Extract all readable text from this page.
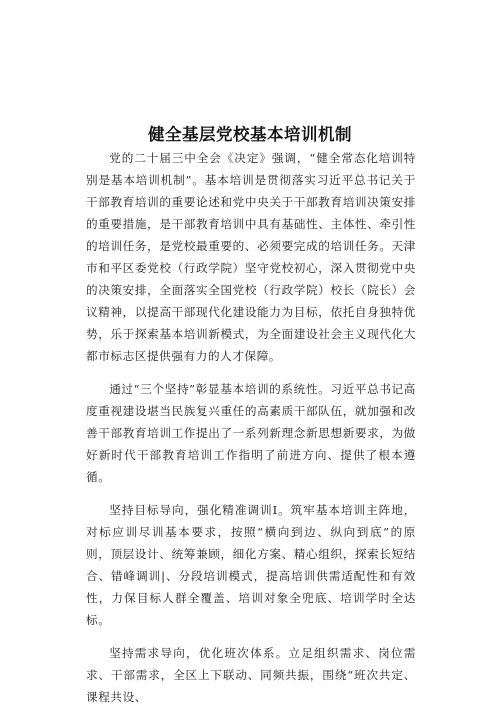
健全基层党校基本培训机制

党的二十届三中全会《决定》强调，“健全常态化培训特别是基本培训机制”。基本培训是贯彻落实习近平总书记关于干部教育培训的重要论述和党中央关于干部教育培训决策安排的重要措施，是干部教育培训中具有基础性、主体性、牵引性的培训任务，是党校最重要的、必须要完成的培训任务。天津市和平区委党校（行政学院）坚守党校初心，深入贯彻党中央的决策安排，全面落实全国党校（行政学院）校长（院长）会议精神，以提高干部现代化建设能力为目标，依托自身独特优势，乐于探索基本培训新模式，为全面建设社会主义现代化大都市标志区提供强有力的人才保障。

通过“三个坚持”彰显基本培训的系统性。习近平总书记高度重视建设堪当民族复兴重任的高素质干部队伍，就加强和改善干部教育培训工作提出了一系列新理念新思想新要求，为做好新时代干部教育培训工作指明了前进方向、提供了根本遵循。

坚持目标导向，强化精准调训Ⅰ。筑牢基本培训主阵地，对标应训尽训基本要求，按照“横向到边、纵向到底”的原则，顶层设计、统筹兼顾，细化方案、精心组织，探索长短结合、错峰调训|、分段培训模式，提高培训供需适配性和有效性，力保目标人群全覆盖、培训对象全兜底、培训学时全达标。

坚持需求导向，优化班次体系。立足组织需求、岗位需求、干部需求，全区上下联动、同频共振，围绕“班次共定、课程共设、
